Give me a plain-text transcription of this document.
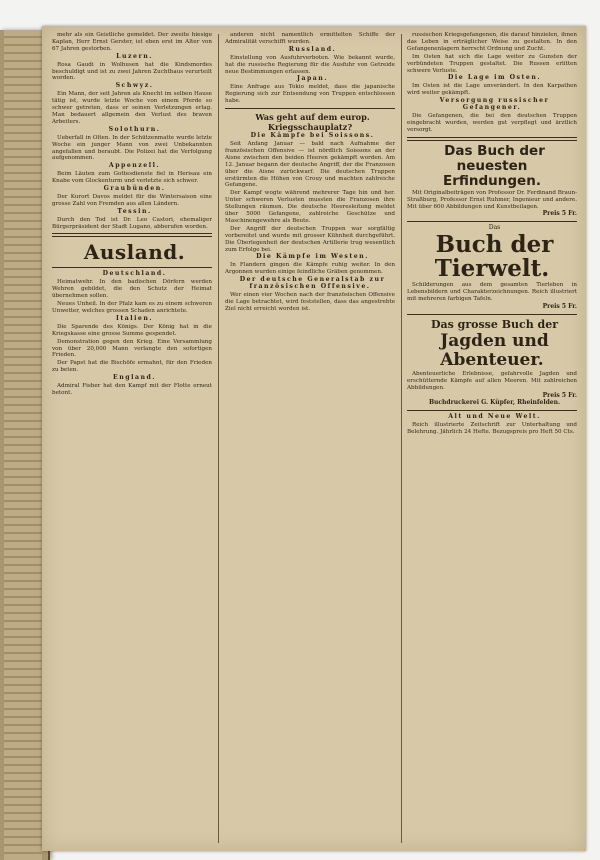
mehr als ein Geistliche gemeldet. Der zweite hiesige Kaplan, Herr Ernst Gerster, ist eben erst im Alter von 67 Jahren gestorben.

Luzern.

Rosa Gaudi in Wolhusen hat die Kindsmordes beschuldigt und ist zu zwei Jahren Zuchthaus verurteilt worden.

Schwyz.

Ein Mann, der seit Jahren als Knecht im selben Hause tätig ist, wurde letzte Woche von einem Pferde so schwer getreten, dass er seinen Verletzungen erlag. Man bedauert allgemein den Verlust des braven Arbeiters.

Solothurn.

Ueberfall in Olten. In der Schützenmatte wurde letzte Woche ein junger Mann von zwei Unbekannten angefallen und beraubt. Die Polizei hat die Verfolgung aufgenommen.

Appenzell.

Beim Läuten zum Gottesdienste fiel in Herisau ein Knabe vom Glockenturm und verletzte sich schwer.

Graubünden.

Der Kurort Davos meldet für die Wintersaison eine grosse Zahl von Fremden aus allen Ländern.

Tessin.

Durch den Tod ist Dr. Leo Castori, ehemaliger Bürgerpräsident der Stadt Lugano, abberufen worden.

Ausland.

Deutschland.

Heimatwehr. In den badischen Dörfern werden Wehren gebildet, die den Schutz der Heimat übernehmen sollen.

Neues Unheil. In der Pfalz kam es zu einem schweren Unwetter, welches grossen Schaden anrichtete.

Italien.

Die Sparende des Königs. Der König hat in die Kriegskasse eine grosse Summe gespendet.

Demonstration gegen den Krieg. Eine Versammlung von über 20,000 Mann verlangte den sofortigen Frieden.

Der Papst hat die Bischöfe ermahnt, für den Frieden zu beten.

England.

Admiral Fisher hat den Kampf mit der Flotte erneut betont.

anderen nicht namentlich ermittelten Schiffe der Admiralität verschifft wurden.

Russland.

Einstellung von Ausfuhrverboten. Wie bekannt wurde, hat die russische Regierung für die Ausfuhr von Getreide neue Bestimmungen erlassen.

Japan.

Eine Anfrage aus Tokio meldet, dass die japanische Regierung sich zur Entsendung von Truppen entschlossen habe.

Was geht auf dem europ. Kriegsschauplatz?

Die Kämpfe bei Soissons.

Seit Anfang Januar — bald nach Aufnahme der französischen Offensive — ist nördlich Soissons an der Aisne zwischen den beiden Heeren gekämpft worden. Am 12. Januar begann der deutsche Angriff, der die Franzosen über die Aisne zurückwarf. Die deutschen Truppen erstürmten die Höhen von Crouy und machten zahlreiche Gefangene.

Der Kampf wogte während mehrerer Tage hin und her. Unter schweren Verlusten mussten die Franzosen ihre Stellungen räumen. Die deutsche Heeresleitung meldet über 5000 Gefangene, zahlreiche Geschütze und Maschinengewehre als Beute.

Der Angriff der deutschen Truppen war sorgfältig vorbereitet und wurde mit grosser Kühnheit durchgeführt. Die Überlegenheit der deutschen Artillerie trug wesentlich zum Erfolge bei.

Die Kämpfe im Westen.

In Flandern gingen die Kämpfe ruhig weiter. In den Argonnen wurden einige feindliche Gräben genommen.

Der deutsche Generalstab zur französischen Offensive.

Wer einen vier Wochen nach der französischen Offensive die Lage betrachtet, wird feststellen, dass das angestrebte Ziel nicht erreicht worden ist.

russischen Kriegsgefangenen, die darauf hinzielen, ihnen das Leben in erträglicher Weise zu gestalten. In den Gefangenenlagern herrscht Ordnung und Zucht.

Im Osten hat sich die Lage weiter zu Gunsten der verbündeten Truppen gestaltet. Die Russen erlitten schwere Verluste.

Die Lage im Osten.

Im Osten ist die Lage unverändert. In den Karpathen wird weiter gekämpft.

Versorgung russischer Gefangener.

Die Gefangenen, die bei den deutschen Truppen eingebracht wurden, werden gut verpflegt und ärztlich versorgt.

Das Buch der neuesten Erfindungen.

Mit Originalbeiträgen von Professor Dr. Ferdinand Braun-Straßburg, Professor Ernst Ruhmer, Ingenieur und andere. Mit über 600 Abbildungen und Kunstbeilagen.

Preis 5 Fr.

Das

Buch der Tierwelt.

Schilderungen aus dem gesamten Tierleben in Lebensbildern und Charakterzeichnungen. Reich illustriert mit mehreren farbigen Tafeln.

Preis 5 Fr.

Das grosse Buch der

Jagden und Abenteuer.

Abenteuerliche Erlebnisse, gefahrvolle Jagden und erschütternde Kämpfe auf allen Meeren. Mit zahlreichen Abbildungen.

Preis 5 Fr.

Buchdruckerei G. Küpfer, Rheinfelden.

Alt und Neue Welt.

Reich illustrierte Zeitschrift zur Unterhaltung und Belehrung. Jährlich 24 Hefte. Bezugspreis pro Heft 50 Cts.
